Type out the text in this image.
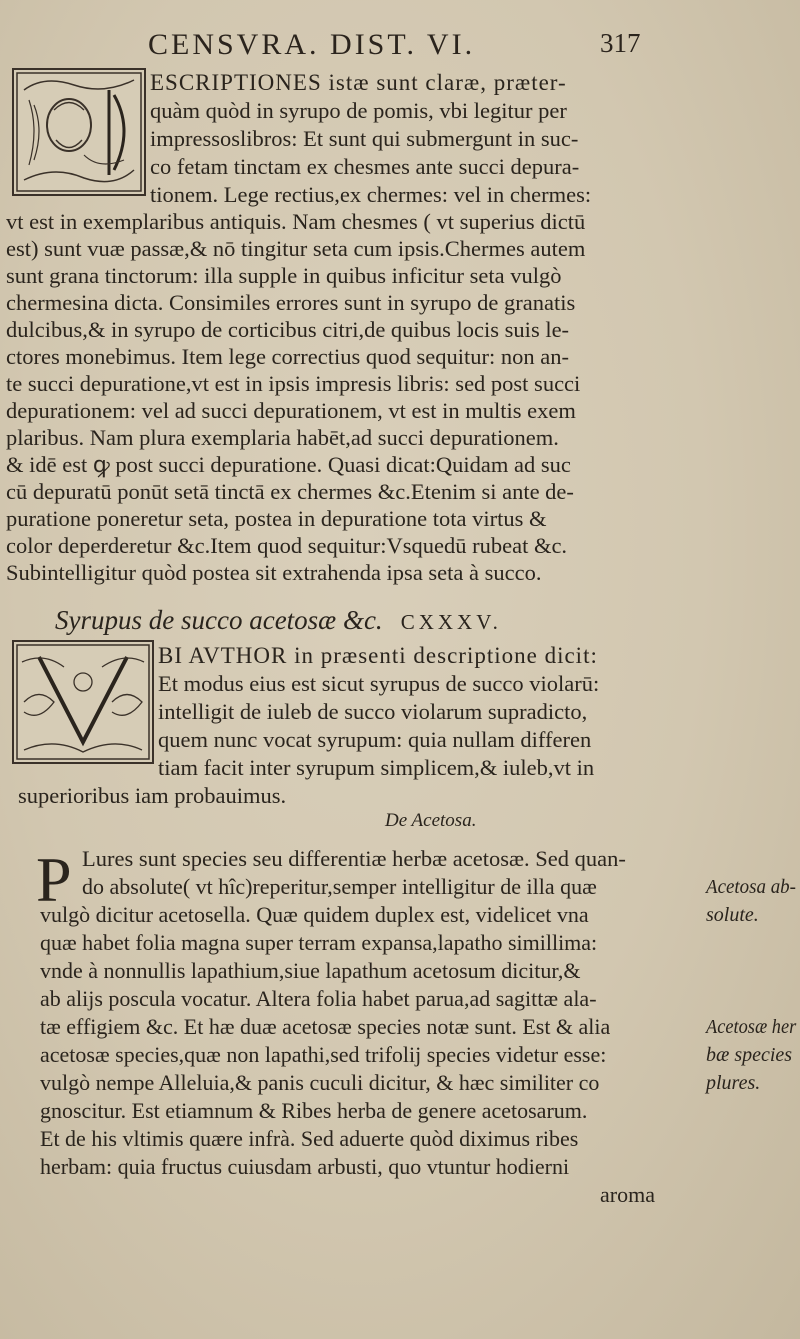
CENSVRA. DIST. VI.	317
ESCRIPTIONES istæ sunt claræ, præter-
quàm quòd in syrupo de pomis, vbi legitur per
impressoslibros: Et sunt qui submergunt in suc-
co fetam tinctam ex chesmes ante succi depura-
tionem. Lege rectius,ex chermes: vel in chermes:
vt est in exemplaribus antiquis. Nam chesmes ( vt superius dictū
est) sunt vuæ passæ,& nō tingitur seta cum ipsis.Chermes autem
sunt grana tinctorum: illa supple in quibus inficitur seta vulgò
chermesina dicta. Consimiles errores sunt in syrupo de granatis
dulcibus,& in syrupo de corticibus citri,de quibus locis suis le-
ctores monebimus. Item lege correctius quod sequitur: non an-
te succi depuratione,vt est in ipsis impresis libris: sed post succi
depurationem: vel ad succi depurationem, vt est in multis exem
plaribus. Nam plura exemplaria habēt,ad succi depurationem.
& idē est ꝙ post succi depuratione. Quasi dicat:Quidam ad suc
cū depuratū ponūt setā tinctā ex chermes &c.Etenim si ante de-
puratione poneretur seta, postea in depuratione tota virtus &
color deperderetur &c.Item quod sequitur:Vsquedū rubeat &c.
Subintelligitur quòd postea sit extrahenda ipsa seta à succo.
Syrupus de succo acetosæ &c. CXXXV.
BI AVTHOR in præsenti descriptione dicit:
Et modus eius est sicut syrupus de succo violarū:
intelligit de iuleb de succo violarum supradicto,
quem nunc vocat syrupum: quia nullam differen
tiam facit inter syrupum simplicem,& iuleb,vt in
superioribus iam probauimus.
De Acetosa.
P Lures sunt species seu differentiæ herbæ acetosæ. Sed quan-
do absolute( vt hîc)reperitur,semper intelligitur de illa quæ
vulgò dicitur acetosella. Quæ quidem duplex est, videlicet vna
quæ habet folia magna super terram expansa,lapatho simillima:
vnde à nonnullis lapathium,siue lapathum acetosum dicitur,&
ab alijs poscula vocatur. Altera folia habet parua,ad sagittæ ala-
tæ effigiem &c. Et hæ duæ acetosæ species notæ sunt. Est & alia
acetosæ species,quæ non lapathi,sed trifolij species videtur esse:
vulgò nempe Alleluia,& panis cuculi dicitur, & hæc similiter co
gnoscitur. Est etiamnum & Ribes herba de genere acetosarum.
Et de his vltimis quære infrà. Sed aduerte quòd diximus ribes
herbam: quia fructus cuiusdam arbusti, quo vtuntur hodierni
aroma
Acetosa ab-
solute.
Acetosæ her
bæ species
plures.
